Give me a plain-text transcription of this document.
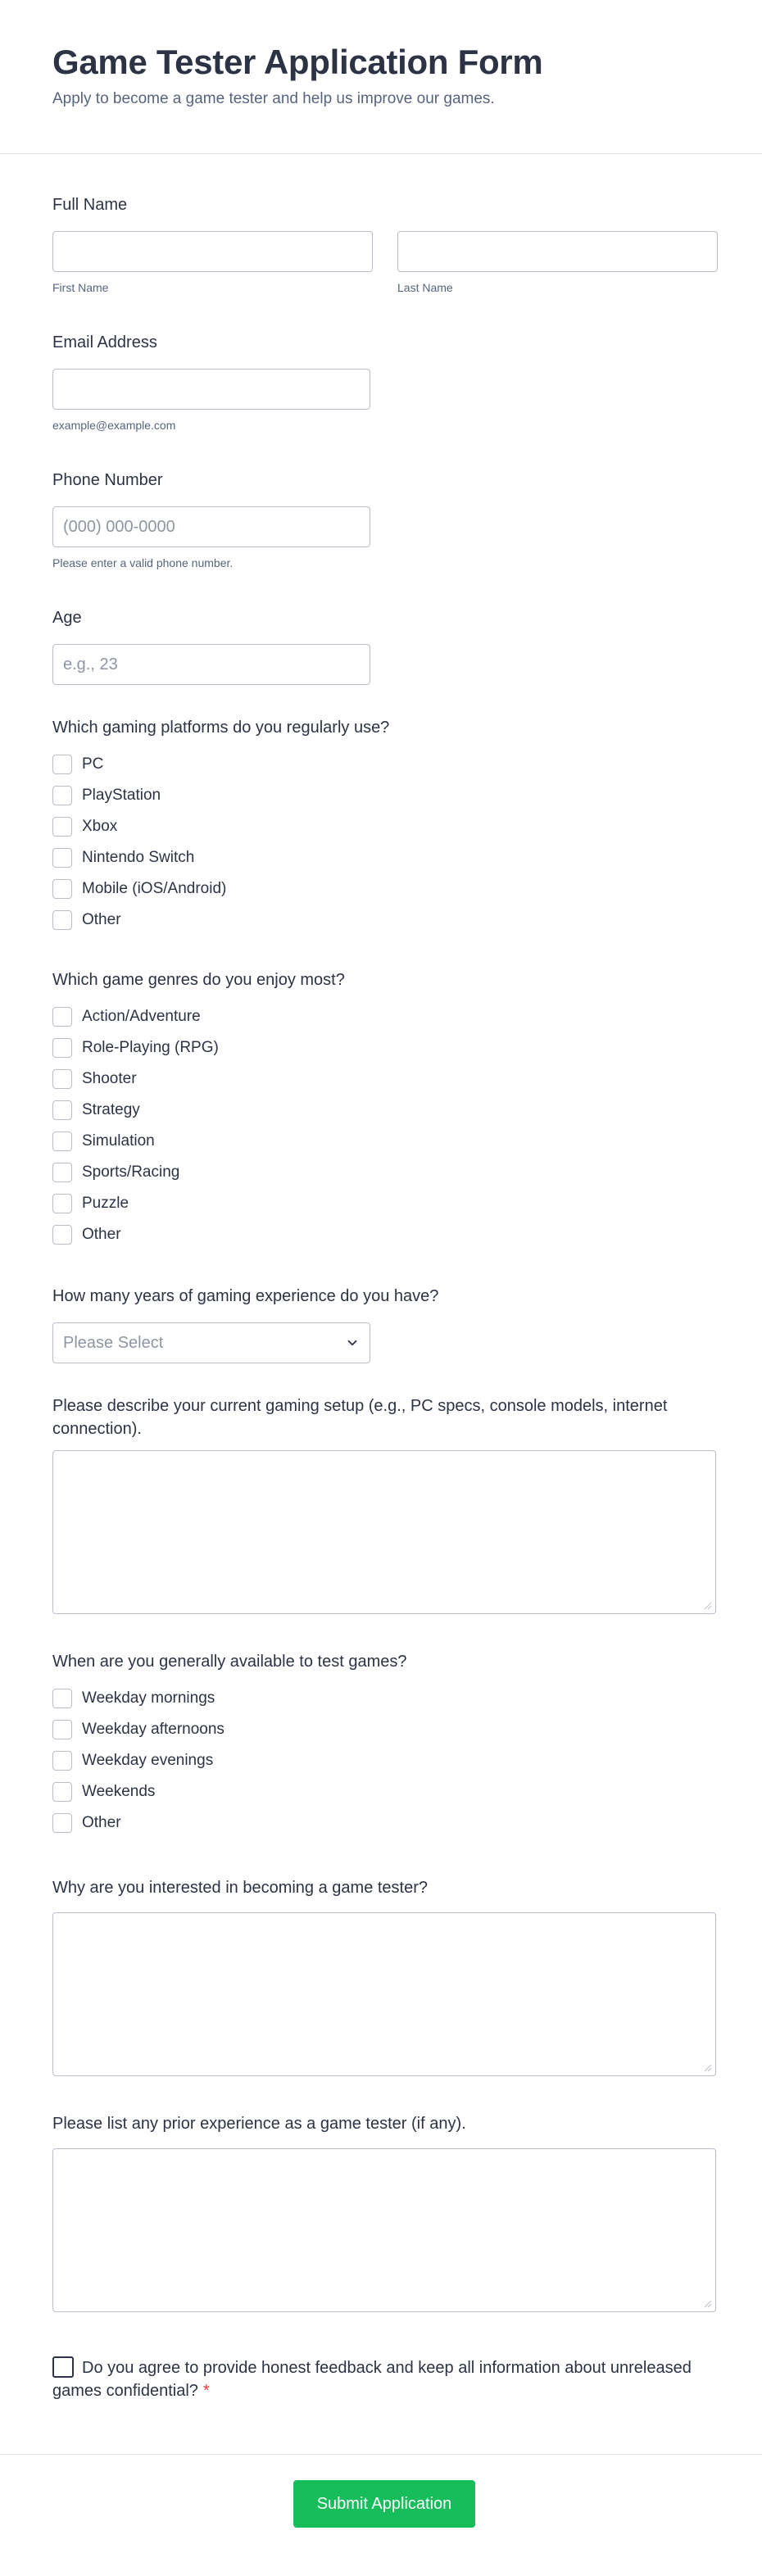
Game Tester Application Form

Apply to become a game tester and help us improve our games.

Full Name
First Name	Last Name
Email Address
example@example.com
Phone Number
(000) 000-0000
Please enter a valid phone number.
Age
e.g., 23
Which gaming platforms do you regularly use?
PC
PlayStation
Xbox
Nintendo Switch
Mobile (iOS/Android)
Other
Which game genres do you enjoy most?
Action/Adventure
Role-Playing (RPG)
Shooter
Strategy
Simulation
Sports/Racing
Puzzle
Other
How many years of gaming experience do you have?
Please Select
Please describe your current gaming setup (e.g., PC specs, console models, internet connection).
When are you generally available to test games?
Weekday mornings
Weekday afternoons
Weekday evenings
Weekends
Other
Why are you interested in becoming a game tester?
Please list any prior experience as a game tester (if any).
Do you agree to provide honest feedback and keep all information about unreleased games confidential? *
Submit Application
